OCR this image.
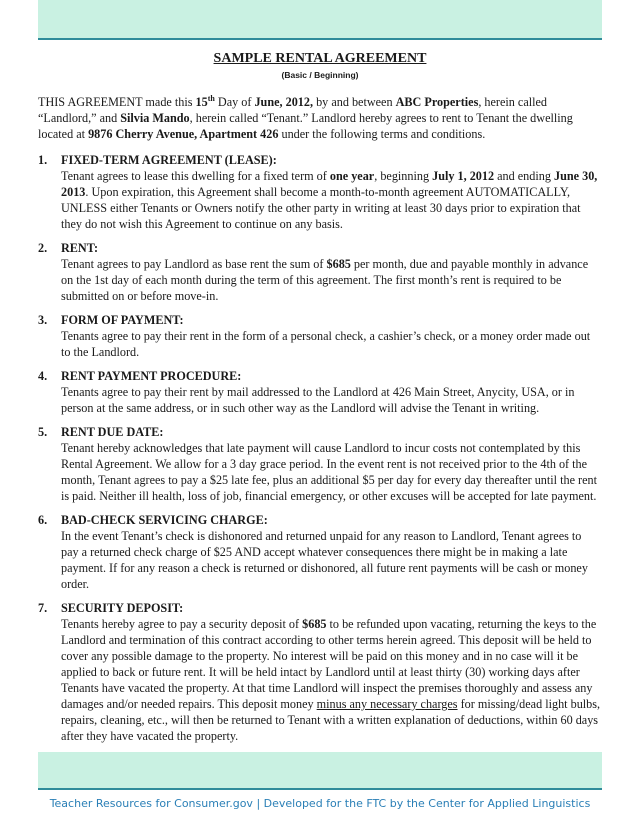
SAMPLE RENTAL AGREEMENT
(Basic / Beginning)

THIS AGREEMENT made this 15th Day of June, 2012, by and between ABC Properties, herein called “Landlord,” and Silvia Mando, herein called “Tenant.” Landlord hereby agrees to rent to Tenant the dwelling located at 9876 Cherry Avenue, Apartment 426 under the following terms and conditions.

1.	FIXED-TERM AGREEMENT (LEASE):
Tenant agrees to lease this dwelling for a fixed term of one year, beginning July 1, 2012 and ending June 30, 2013. Upon expiration, this Agreement shall become a month-to-month agreement AUTOMATICALLY, UNLESS either Tenants or Owners notify the other party in writing at least 30 days prior to expiration that they do not wish this Agreement to continue on any basis.
2.	RENT:
Tenant agrees to pay Landlord as base rent the sum of $685 per month, due and payable monthly in advance on the 1st day of each month during the term of this agreement. The first month’s rent is required to be submitted on or before move-in.
3.	FORM OF PAYMENT:
Tenants agree to pay their rent in the form of a personal check, a cashier’s check, or a money order made out to the Landlord.
4.	RENT PAYMENT PROCEDURE:
Tenants agree to pay their rent by mail addressed to the Landlord at 426 Main Street, Anycity, USA, or in person at the same address, or in such other way as the Landlord will advise the Tenant in writing.
5.	RENT DUE DATE:
Tenant hereby acknowledges that late payment will cause Landlord to incur costs not contemplated by this Rental Agreement. We allow for a 3 day grace period. In the event rent is not received prior to the 4th of the month, Tenant agrees to pay a $25 late fee, plus an additional $5 per day for every day thereafter until the rent is paid. Neither ill health, loss of job, financial emergency, or other excuses will be accepted for late payment.
6.	BAD-CHECK SERVICING CHARGE:
In the event Tenant’s check is dishonored and returned unpaid for any reason to Landlord, Tenant agrees to pay a returned check charge of $25 AND accept whatever consequences there might be in making a late payment. If for any reason a check is returned or dishonored, all future rent payments will be cash or money order.
7.	SECURITY DEPOSIT:
Tenants hereby agree to pay a security deposit of $685 to be refunded upon vacating, returning the keys to the Landlord and termination of this contract according to other terms herein agreed. This deposit will be held to cover any possible damage to the property. No interest will be paid on this money and in no case will it be applied to back or future rent. It will be held intact by Landlord until at least thirty (30) working days after Tenants have vacated the property. At that time Landlord will inspect the premises thoroughly and assess any damages and/or needed repairs. This deposit money minus any necessary charges for missing/dead light bulbs, repairs, cleaning, etc., will then be returned to Tenant with a written explanation of deductions, within 60 days after they have vacated the property.
Teacher Resources for Consumer.gov | Developed for the FTC by the Center for Applied Linguistics
